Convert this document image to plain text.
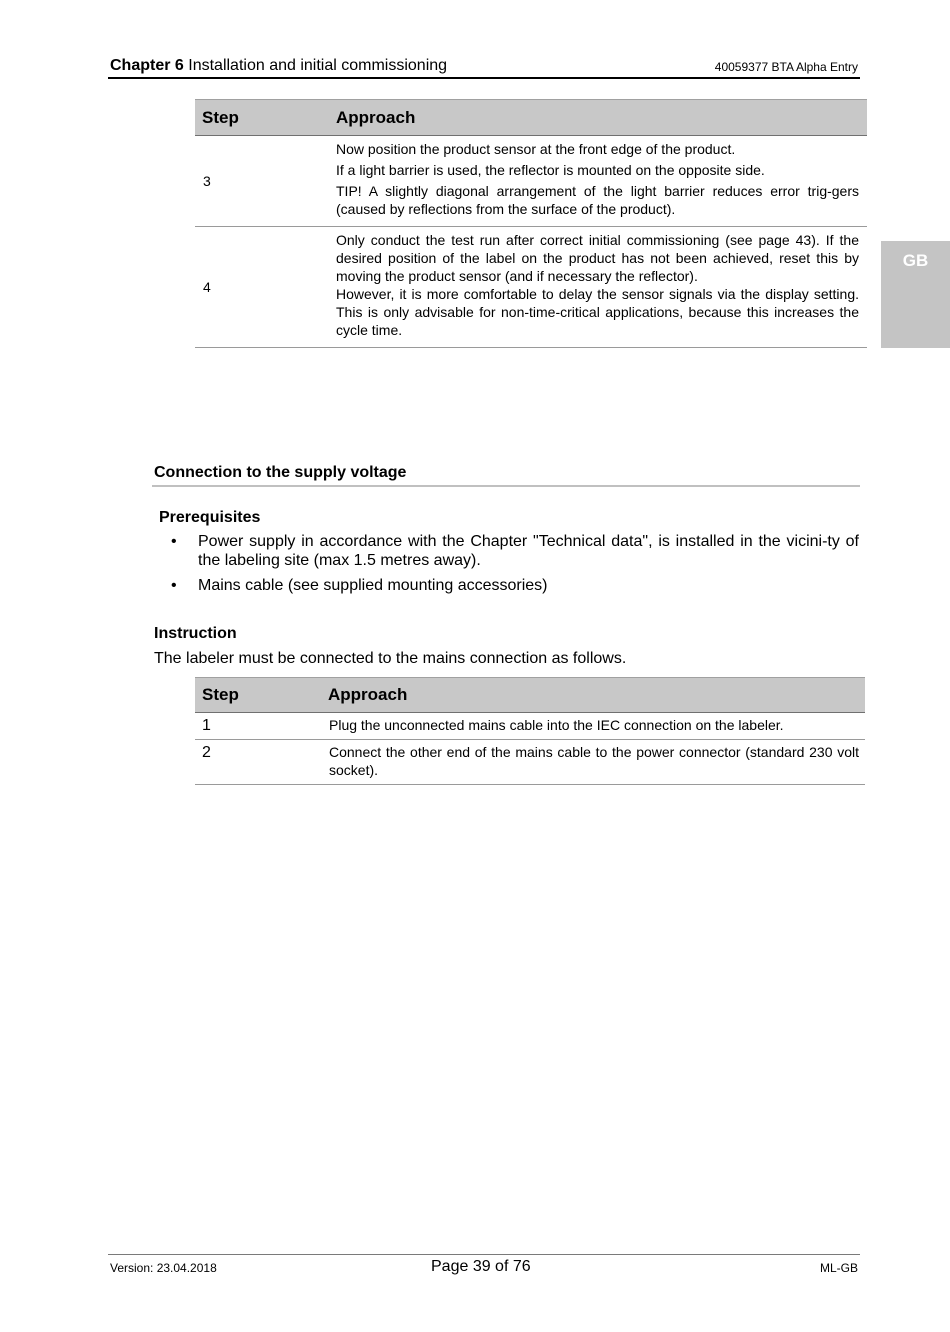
Chapter 6 Installation and initial commissioning	40059377 BTA Alpha Entry
GB
Step	Approach
3	Now position the product sensor at the front edge of the product.

If a light barrier is used, the reflector is mounted on the opposite side.

TIP! A slightly diagonal arrangement of the light barrier reduces error trig-gers (caused by reflections from the surface of the product).

4	Only conduct the test run after correct initial commissioning (see page 43). If the desired position of the label on the product has not been achieved, reset this by moving the product sensor (and if necessary the reflector).

However, it is more comfortable to delay the sensor signals via the display setting. This is only advisable for non-time-critical applications, because this increases the cycle time.

Connection to the supply voltage
Prerequisites
• Power supply in accordance with the Chapter "Technical data", is installed in the vicini-ty of the labeling site (max 1.5 metres away).
• Mains cable (see supplied mounting accessories)
Instruction
The labeler must be connected to the mains connection as follows.
Step	Approach
1	Plug the unconnected mains cable into the IEC connection on the labeler.
2	Connect the other end of the mains cable to the power connector (standard 230 volt socket).
Version: 23.04.2018	Page 39 of 76	ML-GB
